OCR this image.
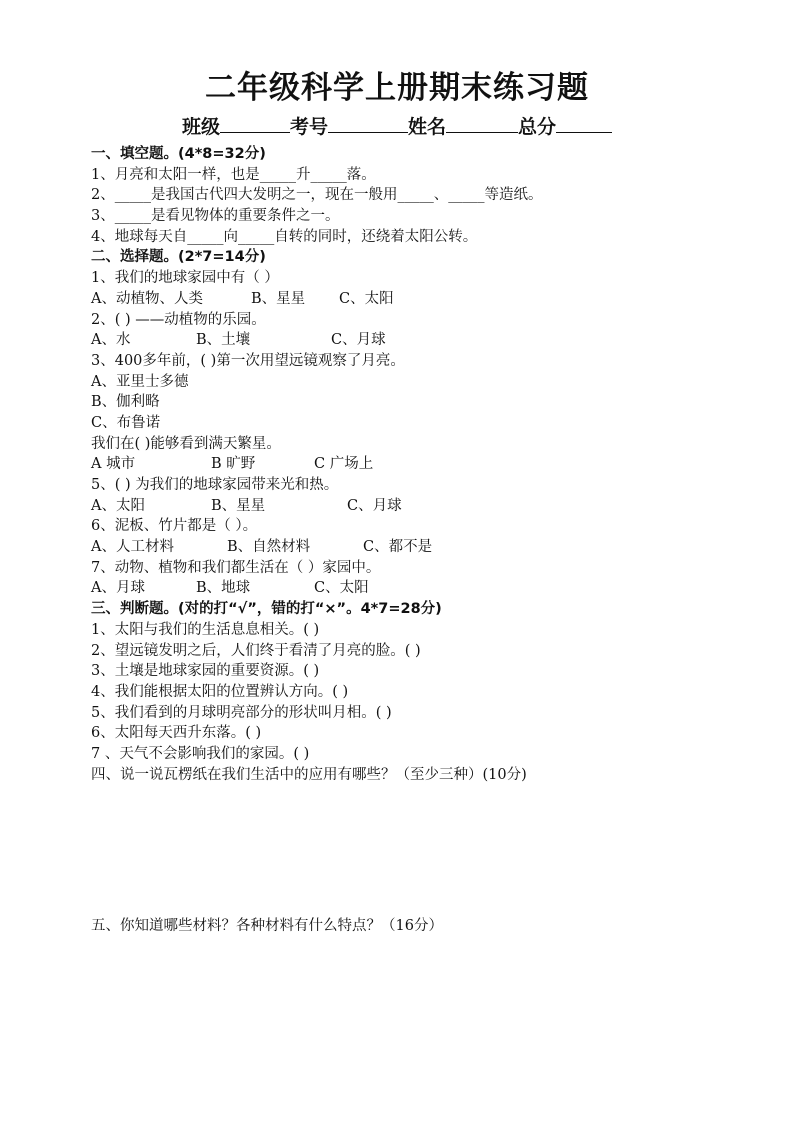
二年级科学上册期末练习题
班级	考号	姓名	总分
一、填空题。(4*8=32分)
1、月亮和太阳一样，也是_____升_____落。
2、_____是我国古代四大发明之一，现在一般用_____、_____等造纸。
3、_____是看见物体的重要条件之一。
4、地球每天自_____向_____自转的同时，还绕着太阳公转。
二、选择题。(2*7=14分)
1、我们的地球家园中有（ ）
A、动植物、人类	B、星星 C、太阳
2、( ) ——动植物的乐园。
A、水	B、土壤	C、月球
3、400多年前，( )第一次用望远镜观察了月亮。
A、亚里士多德
B、伽利略
C、布鲁诺
我们在( )能够看到满天繁星。
A 城市	B 旷野	C 广场上
5、( ) 为我们的地球家园带来光和热。
A、太阳	B、星星	C、月球
6、泥板、竹片都是（ ）。
A、人工材料	B、自然材料	C、都不是
7、动物、植物和我们都生活在（ ）家园中。
A、月球	B、地球	C、太阳
三、判断题。(对的打“√”，错的打“×”。4*7=28分)
1、太阳与我们的生活息息相关。( )
2、望远镜发明之后，人们终于看清了月亮的脸。( )
3、土壤是地球家园的重要资源。( )
4、我们能根据太阳的位置辨认方向。( )
5、我们看到的月球明亮部分的形状叫月相。( )
6、太阳每天西升东落。( )
7 、天气不会影响我们的家园。( )
四、说一说瓦楞纸在我们生活中的应用有哪些？（至少三种）(10分)
五、你知道哪些材料？各种材料有什么特点？（16分）
